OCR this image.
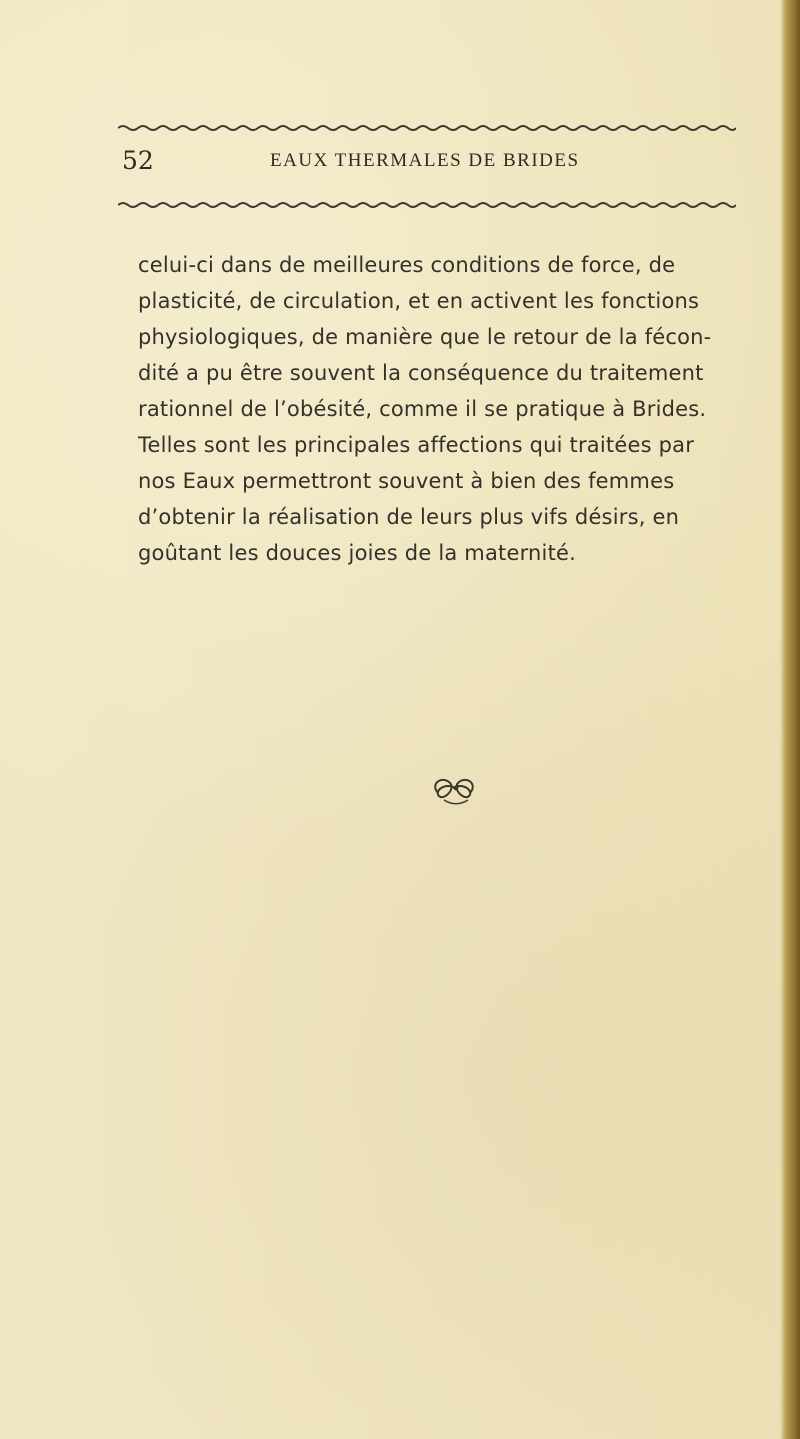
52	EAUX THERMALES DE BRIDES
celui-ci dans de meilleures conditions de force, de
plasticité, de circulation, et en activent les fonctions
physiologiques, de manière que le retour de la fécon-
dité a pu être souvent la conséquence du traitement
rationnel de l’obésité, comme il se pratique à Brides.
Telles sont les principales affections qui traitées par
nos Eaux permettront souvent à bien des femmes
d’obtenir la réalisation de leurs plus vifs désirs, en
goûtant les douces joies de la maternité.
